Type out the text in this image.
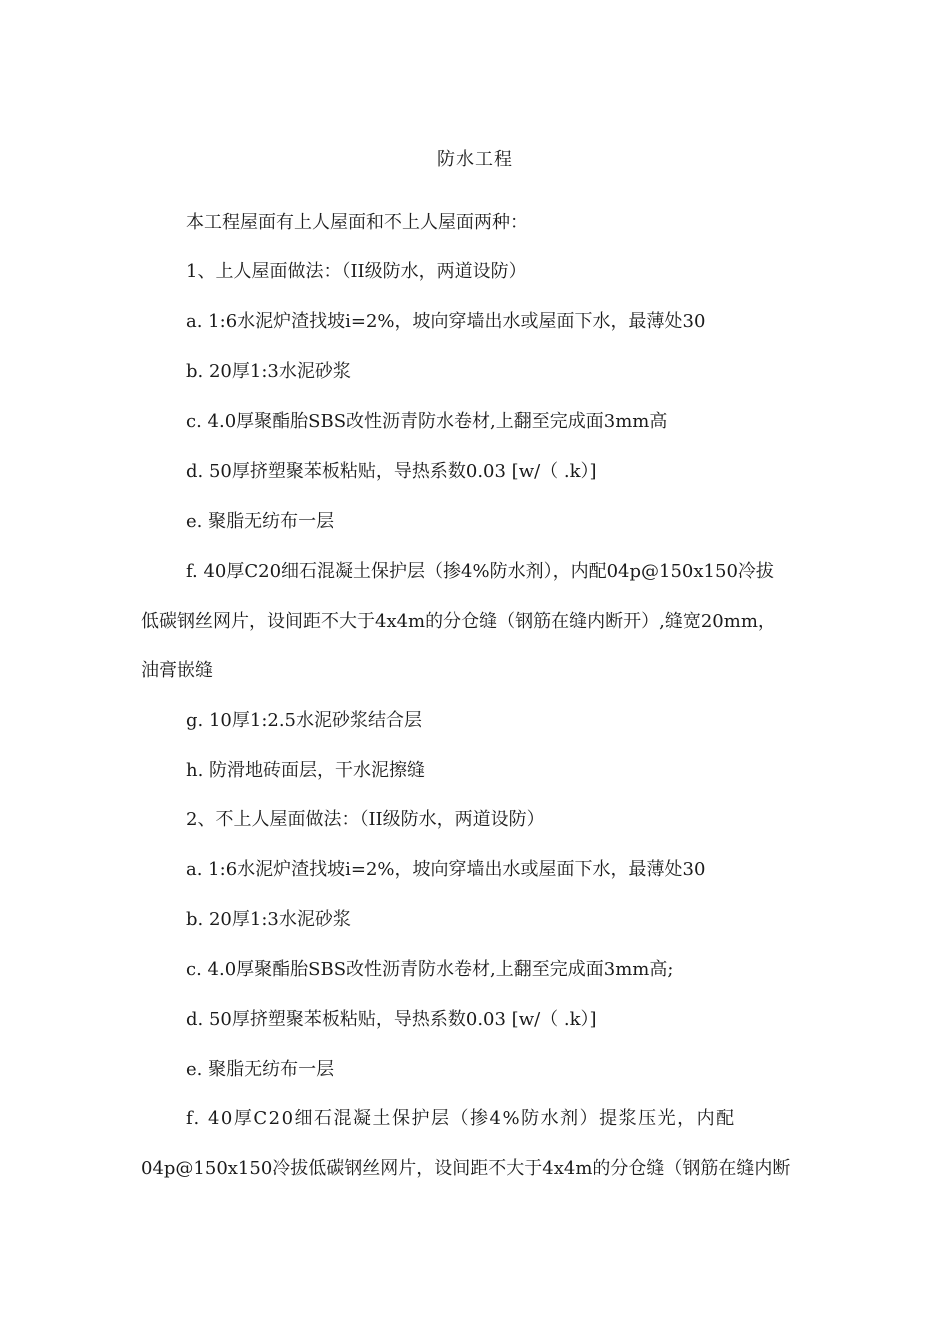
防水工程
本工程屋面有上人屋面和不上人屋面两种：
1、上人屋面做法：（II级防水，两道设防）
a. 1:6水泥炉渣找坡i=2%，坡向穿墙出水或屋面下水，最薄处30
b. 20厚1:3水泥砂浆
c. 4.0厚聚酯胎SBS改性沥青防水卷材,上翻至完成面3mm高
d. 50厚挤塑聚苯板粘贴，导热系数0.03 [w/（ .k）]
e. 聚脂无纺布一层
f. 40厚C20细石混凝土保护层（掺4%防水剂），内配04p@150x150冷拔
低碳钢丝网片，设间距不大于4x4m的分仓缝（钢筋在缝内断开）,缝宽20mm，
油膏嵌缝
g. 10厚1:2.5水泥砂浆结合层
h. 防滑地砖面层，干水泥擦缝
2、不上人屋面做法：（II级防水，两道设防）
a. 1:6水泥炉渣找坡i=2%，坡向穿墙出水或屋面下水，最薄处30
b. 20厚1:3水泥砂浆
c. 4.0厚聚酯胎SBS改性沥青防水卷材,上翻至完成面3mm高;
d. 50厚挤塑聚苯板粘贴，导热系数0.03 [w/（ .k）]
e. 聚脂无纺布一层
f. 40厚C20细石混凝土保护层（掺4%防水剂）提浆压光，内配
04p@150x150冷拔低碳钢丝网片，设间距不大于4x4m的分仓缝（钢筋在缝内断
